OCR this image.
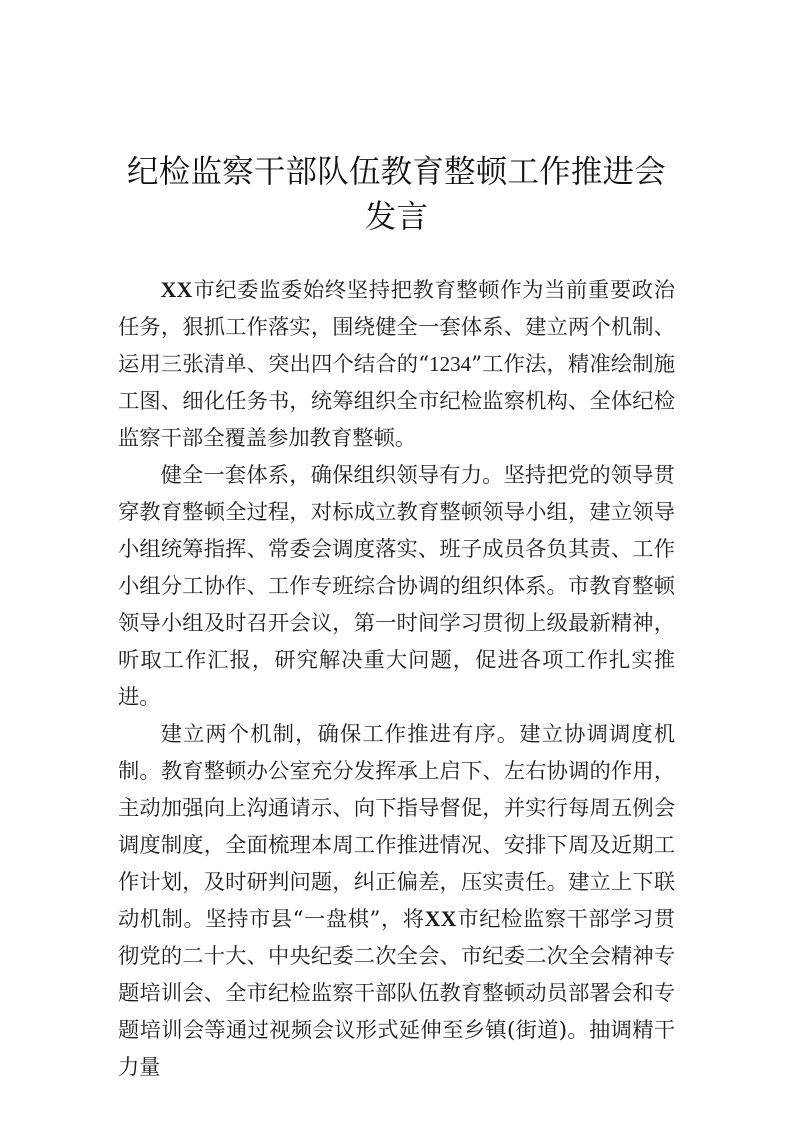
纪检监察干部队伍教育整顿工作推进会发言

XX市纪委监委始终坚持把教育整顿作为当前重要政治任务，狠抓工作落实，围绕健全一套体系、建立两个机制、运用三张清单、突出四个结合的“1234”工作法，精准绘制施工图、细化任务书，统筹组织全市纪检监察机构、全体纪检监察干部全覆盖参加教育整顿。

健全一套体系，确保组织领导有力。坚持把党的领导贯穿教育整顿全过程，对标成立教育整顿领导小组，建立领导小组统筹指挥、常委会调度落实、班子成员各负其责、工作小组分工协作、工作专班综合协调的组织体系。市教育整顿领导小组及时召开会议，第一时间学习贯彻上级最新精神，听取工作汇报，研究解决重大问题，促进各项工作扎实推进。

建立两个机制，确保工作推进有序。建立协调调度机制。教育整顿办公室充分发挥承上启下、左右协调的作用，主动加强向上沟通请示、向下指导督促，并实行每周五例会调度制度，全面梳理本周工作推进情况、安排下周及近期工作计划，及时研判问题，纠正偏差，压实责任。建立上下联动机制。坚持市县“一盘棋”，将XX市纪检监察干部学习贯彻党的二十大、中央纪委二次全会、市纪委二次全会精神专题培训会、全市纪检监察干部队伍教育整顿动员部署会和专题培训会等通过视频会议形式延伸至乡镇(街道)。抽调精干力量
